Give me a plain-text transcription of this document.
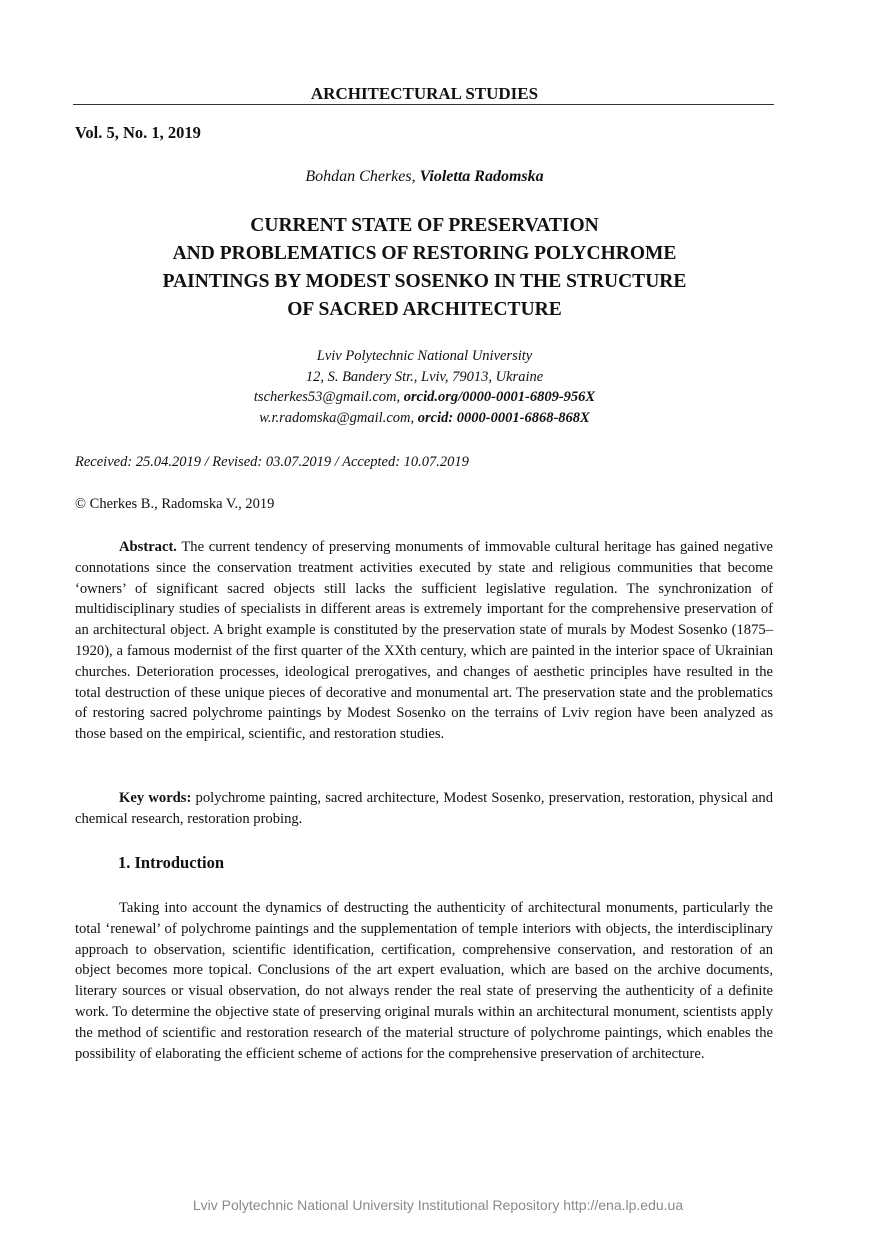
ARCHITECTURAL STUDIES
Vol. 5, No. 1, 2019
Bohdan Cherkes, Violetta Radomska
CURRENT STATE OF PRESERVATION
AND PROBLEMATICS OF RESTORING POLYCHROME
PAINTINGS BY MODEST SOSENKO IN THE STRUCTURE
OF SACRED ARCHITECTURE
Lviv Polytechnic National University
12, S. Bandery Str., Lviv, 79013, Ukraine
tscherkes53@gmail.com, orcid.org/0000-0001-6809-956X
w.r.radomska@gmail.com, orcid: 0000-0001-6868-868X
Received: 25.04.2019 / Revised: 03.07.2019 / Accepted: 10.07.2019
© Cherkes B., Radomska V., 2019
Abstract. The current tendency of preserving monuments of immovable cultural heritage has gained negative connotations since the conservation treatment activities executed by state and religious communities that become ‘owners’ of significant sacred objects still lacks the sufficient legislative regulation. The synchronization of multidisciplinary studies of specialists in different areas is extremely important for the comprehensive preservation of an architectural object. A bright example is constituted by the preservation state of murals by Modest Sosenko (1875–1920), a famous modernist of the first quarter of the XXth century, which are painted in the interior space of Ukrainian churches. Deterioration processes, ideological prerogatives, and changes of aesthetic principles have resulted in the total destruction of these unique pieces of decorative and monumental art. The preservation state and the problematics of restoring sacred polychrome paintings by Modest Sosenko on the terrains of Lviv region have been analyzed as those based on the empirical, scientific, and restoration studies.
Key words: polychrome painting, sacred architecture, Modest Sosenko, preservation, restoration, physical and chemical research, restoration probing.
1. Introduction
Taking into account the dynamics of destructing the authenticity of architectural monuments, particularly the total ‘renewal’ of polychrome paintings and the supplementation of temple interiors with objects, the interdisciplinary approach to observation, scientific identification, certification, comprehensive conservation, and restoration of an object becomes more topical. Conclusions of the art expert evaluation, which are based on the archive documents, literary sources or visual observation, do not always render the real state of preserving the authenticity of a definite work. To determine the objective state of preserving original murals within an architectural monument, scientists apply the method of scientific and restoration research of the material structure of polychrome paintings, which enables the possibility of elaborating the efficient scheme of actions for the comprehensive preservation of architecture.
Lviv Polytechnic National University Institutional Repository http://ena.lp.edu.ua
